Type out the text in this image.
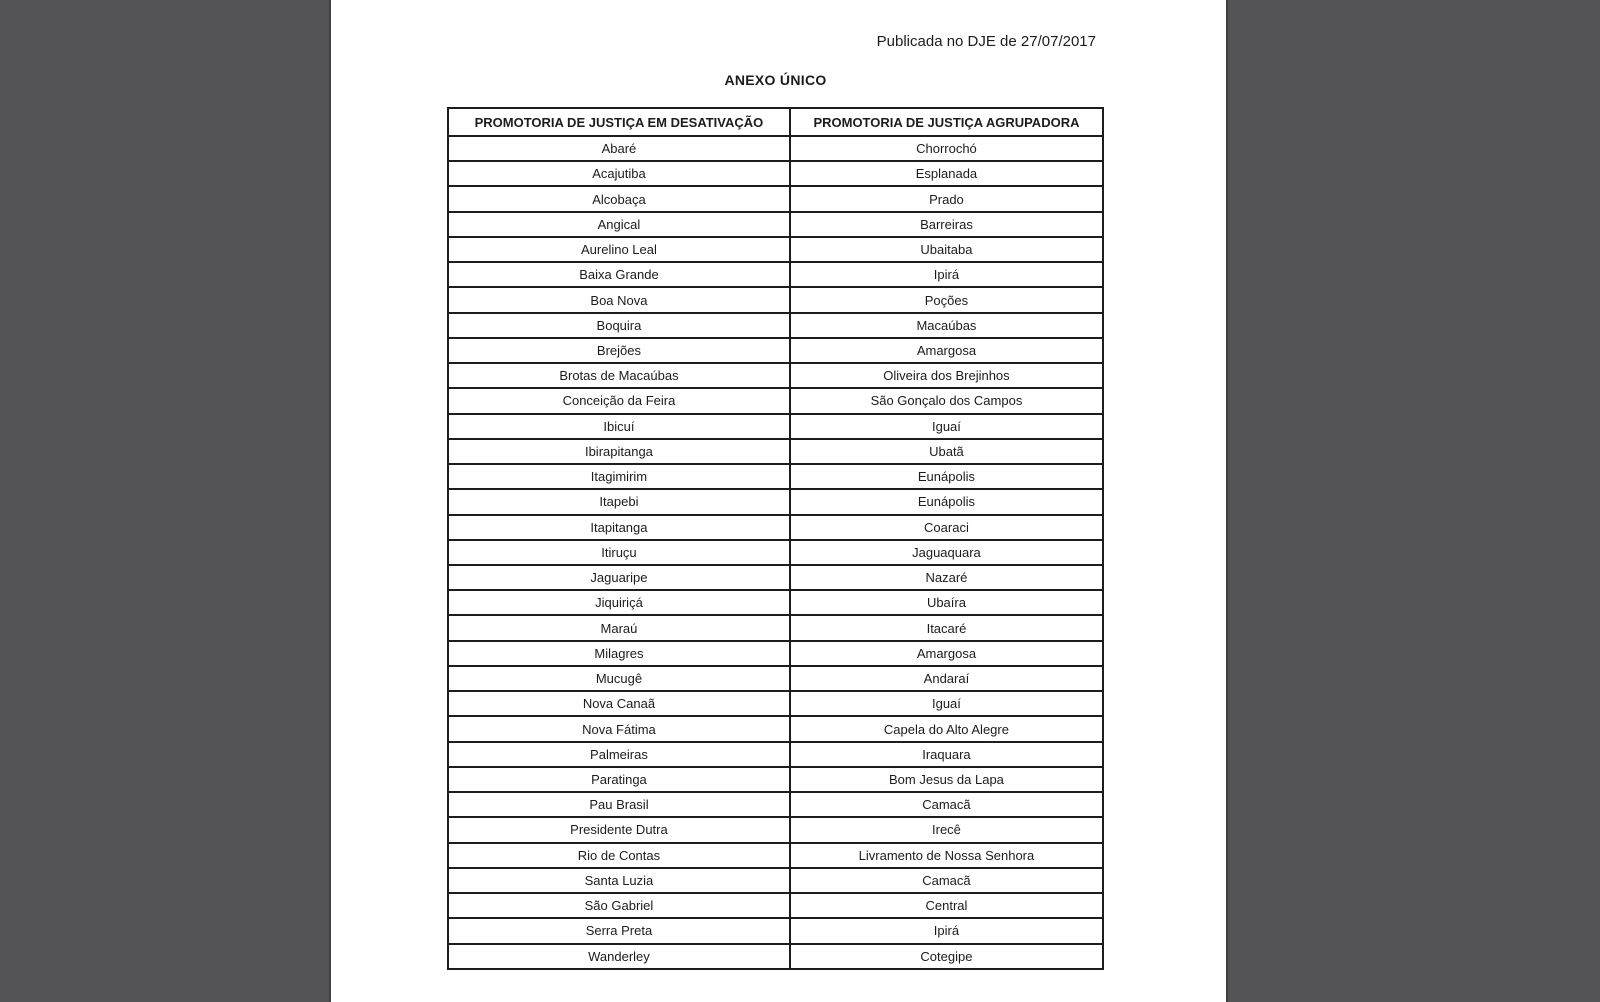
Publicada no DJE de 27/07/2017
ANEXO ÚNICO
PROMOTORIA DE JUSTIÇA EM DESATIVAÇÃO	PROMOTORIA DE JUSTIÇA AGRUPADORA
Abaré	Chorrochó
Acajutiba	Esplanada
Alcobaça	Prado
Angical	Barreiras
Aurelino Leal	Ubaitaba
Baixa Grande	Ipirá
Boa Nova	Poções
Boquira	Macaúbas
Brejões	Amargosa
Brotas de Macaúbas	Oliveira dos Brejinhos
Conceição da Feira	São Gonçalo dos Campos
Ibicuí	Iguaí
Ibirapitanga	Ubatã
Itagimirim	Eunápolis
Itapebi	Eunápolis
Itapitanga	Coaraci
Itiruçu	Jaguaquara
Jaguaripe	Nazaré
Jiquiriçá	Ubaíra
Maraú	Itacaré
Milagres	Amargosa
Mucugê	Andaraí
Nova Canaã	Iguaí
Nova Fátima	Capela do Alto Alegre
Palmeiras	Iraquara
Paratinga	Bom Jesus da Lapa
Pau Brasil	Camacã
Presidente Dutra	Irecê
Rio de Contas	Livramento de Nossa Senhora
Santa Luzia	Camacã
São Gabriel	Central
Serra Preta	Ipirá
Wanderley	Cotegipe
